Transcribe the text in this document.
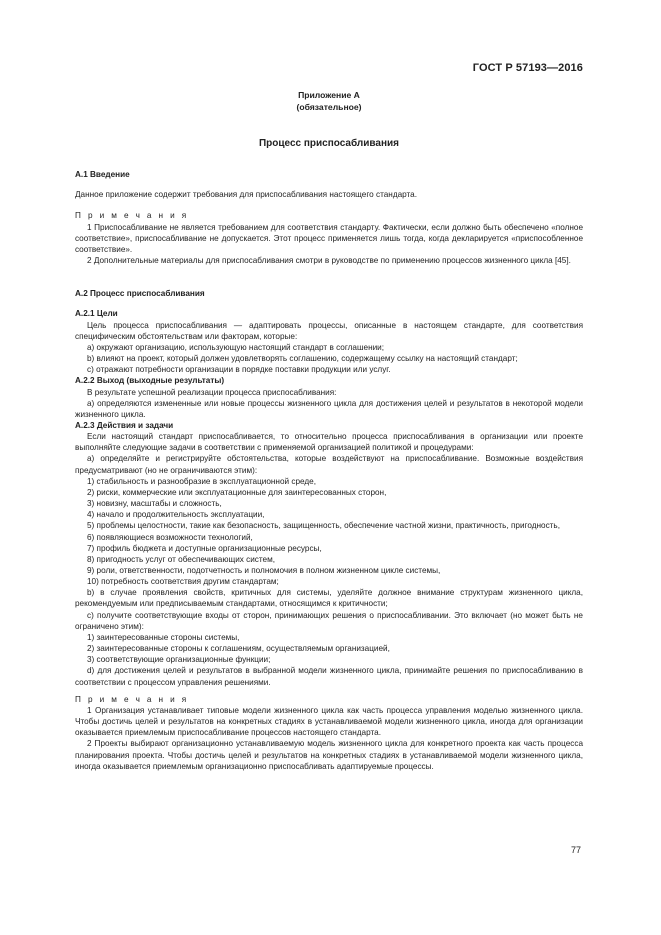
ГОСТ Р 57193—2016
Приложение А
(обязательное)
Процесс приспосабливания
А.1 Введение

Данное приложение содержит требования для приспосабливания настоящего стандарта.

П р и м е ч а н и я

1 Приспосабливание не является требованием для соответствия стандарту. Фактически, если должно быть обеспечено «полное соответствие», приспосабливание не допускается. Этот процесс применяется лишь тогда, когда декларируется «приспособленное соответствие».

2 Дополнительные материалы для приспосабливания смотри в руководстве по применению процессов жизненного цикла [45].

А.2 Процесс приспосабливания
А.2.1 Цели

Цель процесса приспосабливания — адаптировать процессы, описанные в настоящем стандарте, для соответствия специфическим обстоятельствам или факторам, которые:

а) окружают организацию, использующую настоящий стандарт в соглашении;

b) влияют на проект, который должен удовлетворять соглашению, содержащему ссылку на настоящий стандарт;

c) отражают потребности организации в порядке поставки продукции или услуг.

А.2.2 Выход (выходные результаты)

В результате успешной реализации процесса приспосабливания:

а) определяются измененные или новые процессы жизненного цикла для достижения целей и результатов в некоторой модели жизненного цикла.

А.2.3 Действия и задачи

Если настоящий стандарт приспосабливается, то относительно процесса приспосабливания в организации или проекте выполняйте следующие задачи в соответствии с применяемой организацией политикой и процедурами:

а) определяйте и регистрируйте обстоятельства, которые воздействуют на приспосабливание. Возможные воздействия предусматривают (но не ограничиваются этим):

1) стабильность и разнообразие в эксплуатационной среде,

2) риски, коммерческие или эксплуатационные для заинтересованных сторон,

3) новизну, масштабы и сложность,

4) начало и продолжительность эксплуатации,

5) проблемы целостности, такие как безопасность, защищенность, обеспечение частной жизни, практичность, пригодность,

6) появляющиеся возможности технологий,

7) профиль бюджета и доступные организационные ресурсы,

8) пригодность услуг от обеспечивающих систем,

9) роли, ответственности, подотчетность и полномочия в полном жизненном цикле системы,

10) потребность соответствия другим стандартам;

b) в случае проявления свойств, критичных для системы, уделяйте должное внимание структурам жизненного цикла, рекомендуемым или предписываемым стандартами, относящимся к критичности;

c) получите соответствующие входы от сторон, принимающих решения о приспосабливании. Это включает (но может быть не ограничено этим):

1) заинтересованные стороны системы,

2) заинтересованные стороны к соглашениям, осуществляемым организацией,

3) соответствующие организационные функции;

d) для достижения целей и результатов в выбранной модели жизненного цикла, принимайте решения по приспосабливанию в соответствии с процессом управления решениями.

П р и м е ч а н и я

1 Организация устанавливает типовые модели жизненного цикла как часть процесса управления моделью жизненного цикла. Чтобы достичь целей и результатов на конкретных стадиях в устанавливаемой модели жизненного цикла, иногда для организации оказывается приемлемым приспосабливание процессов настоящего стандарта.

2 Проекты выбирают организационно устанавливаемую модель жизненного цикла для конкретного проекта как часть процесса планирования проекта. Чтобы достичь целей и результатов на конкретных стадиях в устанавливаемой модели жизненного цикла, иногда оказывается приемлемым организационно приспосабливать адаптируемые процессы.

77
